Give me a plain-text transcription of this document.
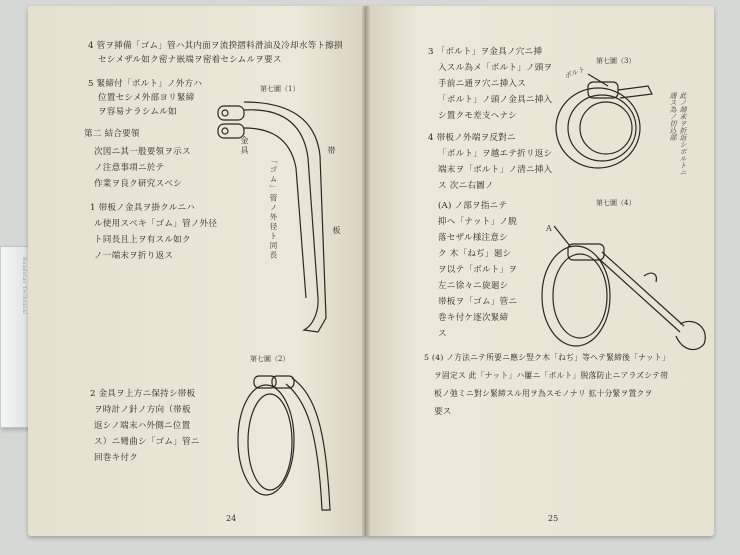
Roadstar Technical
4 管ヲ挿備「ゴム」管ハ其内面ヲ流揆摺料滑油及冷却水等ト擦損
セシメザル如ク密ナ嵌端ヲ密着セシムルヲ要ス
5 緊締付「ボルト」ノ外方ハ
位置セシメ外部ヨリ緊締
ヲ容易ナラシムル如
第二 結合要領
次図ニ其一般要領ヲ示ス
ノ注意事項ニ於テ
作業ヲ良ク研究スベシ
1 帯板ノ金具ヲ掛クルニハ
ル使用スベキ「ゴム」管ノ外径
ト同長且上ヲ有スル如ク
ノ一端末ヲ折り返ス
2 金具ヲ上方ニ保持シ帯板
ヲ時計ノ針ノ方向（帯板
返シノ端末ハ外側ニ位置
ス）ニ彎曲シ「ゴム」管ニ
回巻キ付ク
第七圖（1）
金具	帯
板
「ゴム」管ノ外径ト同長
第七圖（2）
24
3 「ボルト」ヲ金具ノ穴ニ挿
入スル為メ「ボルト」ノ頭ヲ
手前ニ通ヲ穴ニ挿入ス
「ボルト」ノ頭ノ金具ニ挿入
シ置クモ差支ヘナシ
4 帯板ノ外端ヲ反對ニ
「ボルト」ヲ越エテ折リ返シ
端末ヲ「ボルト」ノ清ニ挿入
ス 次ニ右圖ノ
(A) ノ部ヲ指ニテ
抑ヘ「ナット」ノ脱
落セザル様注意シ
ク 木「ねぢ」廻シ
ヲ以テ「ボルト」ヲ
左ニ徐々ニ旋廻シ
帯板ヲ「ゴム」管ニ
巻キ付ケ逐次緊締
ス
5 (4) ノ方法ニテ所要ニ應シ竪ク木「ねぢ」等ヘテ緊締後「ナット」
ヲ固定ス 此「ナット」ハ屢ニ「ボルト」脱落防止ニアラズシテ帯
板ノ弛ミニ對シ緊締スル用ヲ為スモノナリ 拡十分緊ヲ置クヲ
要ス
第七圖（3）
ボルト
此ノ端末ヲ折返シボルトニ通ス為ノ切込部
第七圖（4）
A
25
